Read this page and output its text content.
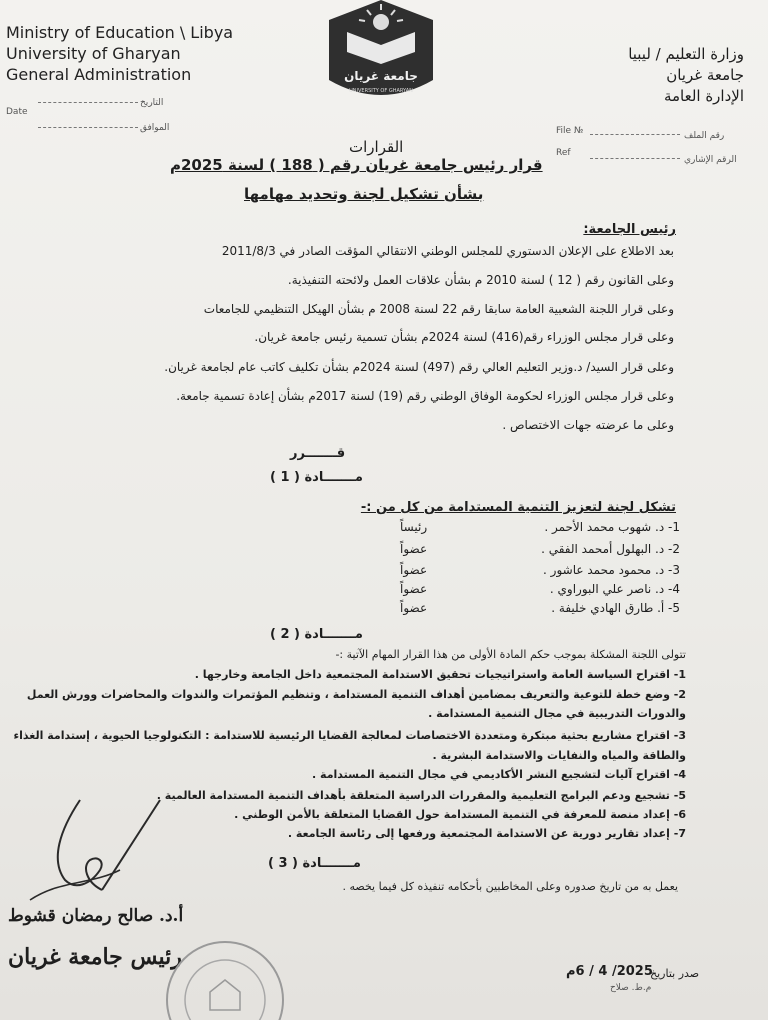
Ministry of Education \ Libya
University of Gharyan
General Administration
Date
التاريخ
الموافق
جامعة غريان
UNIVERSITY OF GHARYAN
وزارة التعليم / ليبيا
جامعة غريان
الإدارة العامة
File №	رقم الملف
Ref
الرقم الإشاري
القرارات
قرار رئيس جامعة غريان رقم ( 188 ) لسنة 2025م
بشأن تشكيل لجنة وتحديد مهامها
رئيس الجامعة:
بعد الاطلاع على الإعلان الدستوري للمجلس الوطني الانتقالي المؤقت الصادر في 2011/8/3
وعلى القانون رقم ( 12 ) لسنة 2010 م بشأن علاقات العمل ولائحته التنفيذية.
وعلى قرار اللجنة الشعبية العامة سابقا رقم 22 لسنة 2008 م بشأن الهيكل التنظيمي للجامعات
وعلى قرار مجلس الوزراء رقم(416) لسنة 2024م بشأن تسمية رئيس جامعة غريان.
وعلى قرار السيد/ د.وزير التعليم العالي رقم (497) لسنة 2024م بشأن تكليف كاتب عام لجامعة غريان.
وعلى قرار مجلس الوزراء لحكومة الوفاق الوطني رقم (19) لسنة 2017م بشأن إعادة تسمية جامعة.
وعلى ما عرضته جهات الاختصاص .
قـــــــرر
مـــــــادة ( 1 )
تشكل لجنة لتعزيز التنمية المستدامة من كل من :-
1- د. شهوب محمد الأحمر .
رئيساً
2- د. البهلول أمحمد الفقي .
عضواً
3- د. محمود محمد عاشور .
عضواً
4- د. ناصر علي البوراوي .
عضواً
5- أ. طارق الهادي خليفة .
عضواً
مـــــــادة ( 2 )
تتولى اللجنة المشكلة بموجب حكم المادة الأولى من هذا القرار المهام الآتية :-
1- اقتراح السياسة العامة واستراتيجيات تحقيق الاستدامة المجتمعية داخل الجامعة وخارجها .
2- وضع خطة للتوعية والتعريف بمضامين أهداف التنمية المستدامة ، وتنظيم المؤتمرات والندوات والمحاضرات وورش العمل
والدورات التدريبية في مجال التنمية المستدامة .
3- اقتراح مشاريع بحثية مبتكرة ومتعددة الاختصاصات لمعالجة القضايا الرئيسية للاستدامة : التكنولوجيا الحيوية ، إستدامة الغذاء
والطاقة والمياه والنفايات والاستدامة البشرية .
4- اقتراح آليات لتشجيع النشر الأكاديمي في مجال التنمية المستدامة .
5- تشجيع ودعم البرامج التعليمية والمقررات الدراسية المتعلقة بأهداف التنمية المستدامة العالمية .
6- إعداد منصة للمعرفة في التنمية المستدامة حول القضايا المتعلقة بالأمن الوطني .
7- إعداد تقارير دورية عن الاستدامة المجتمعية ورفعها إلى رئاسة الجامعة .
مـــــــادة ( 3 )
يعمل به من تاريخ صدوره وعلى المخاطبين بأحكامه تنفيذه كل فيما يخصه .
أ.د. صالح رمضان قشوط
رئيس جامعة غريان
صدر بتاريخ
2025/ 4 / 6م
م.ط. صلاح
